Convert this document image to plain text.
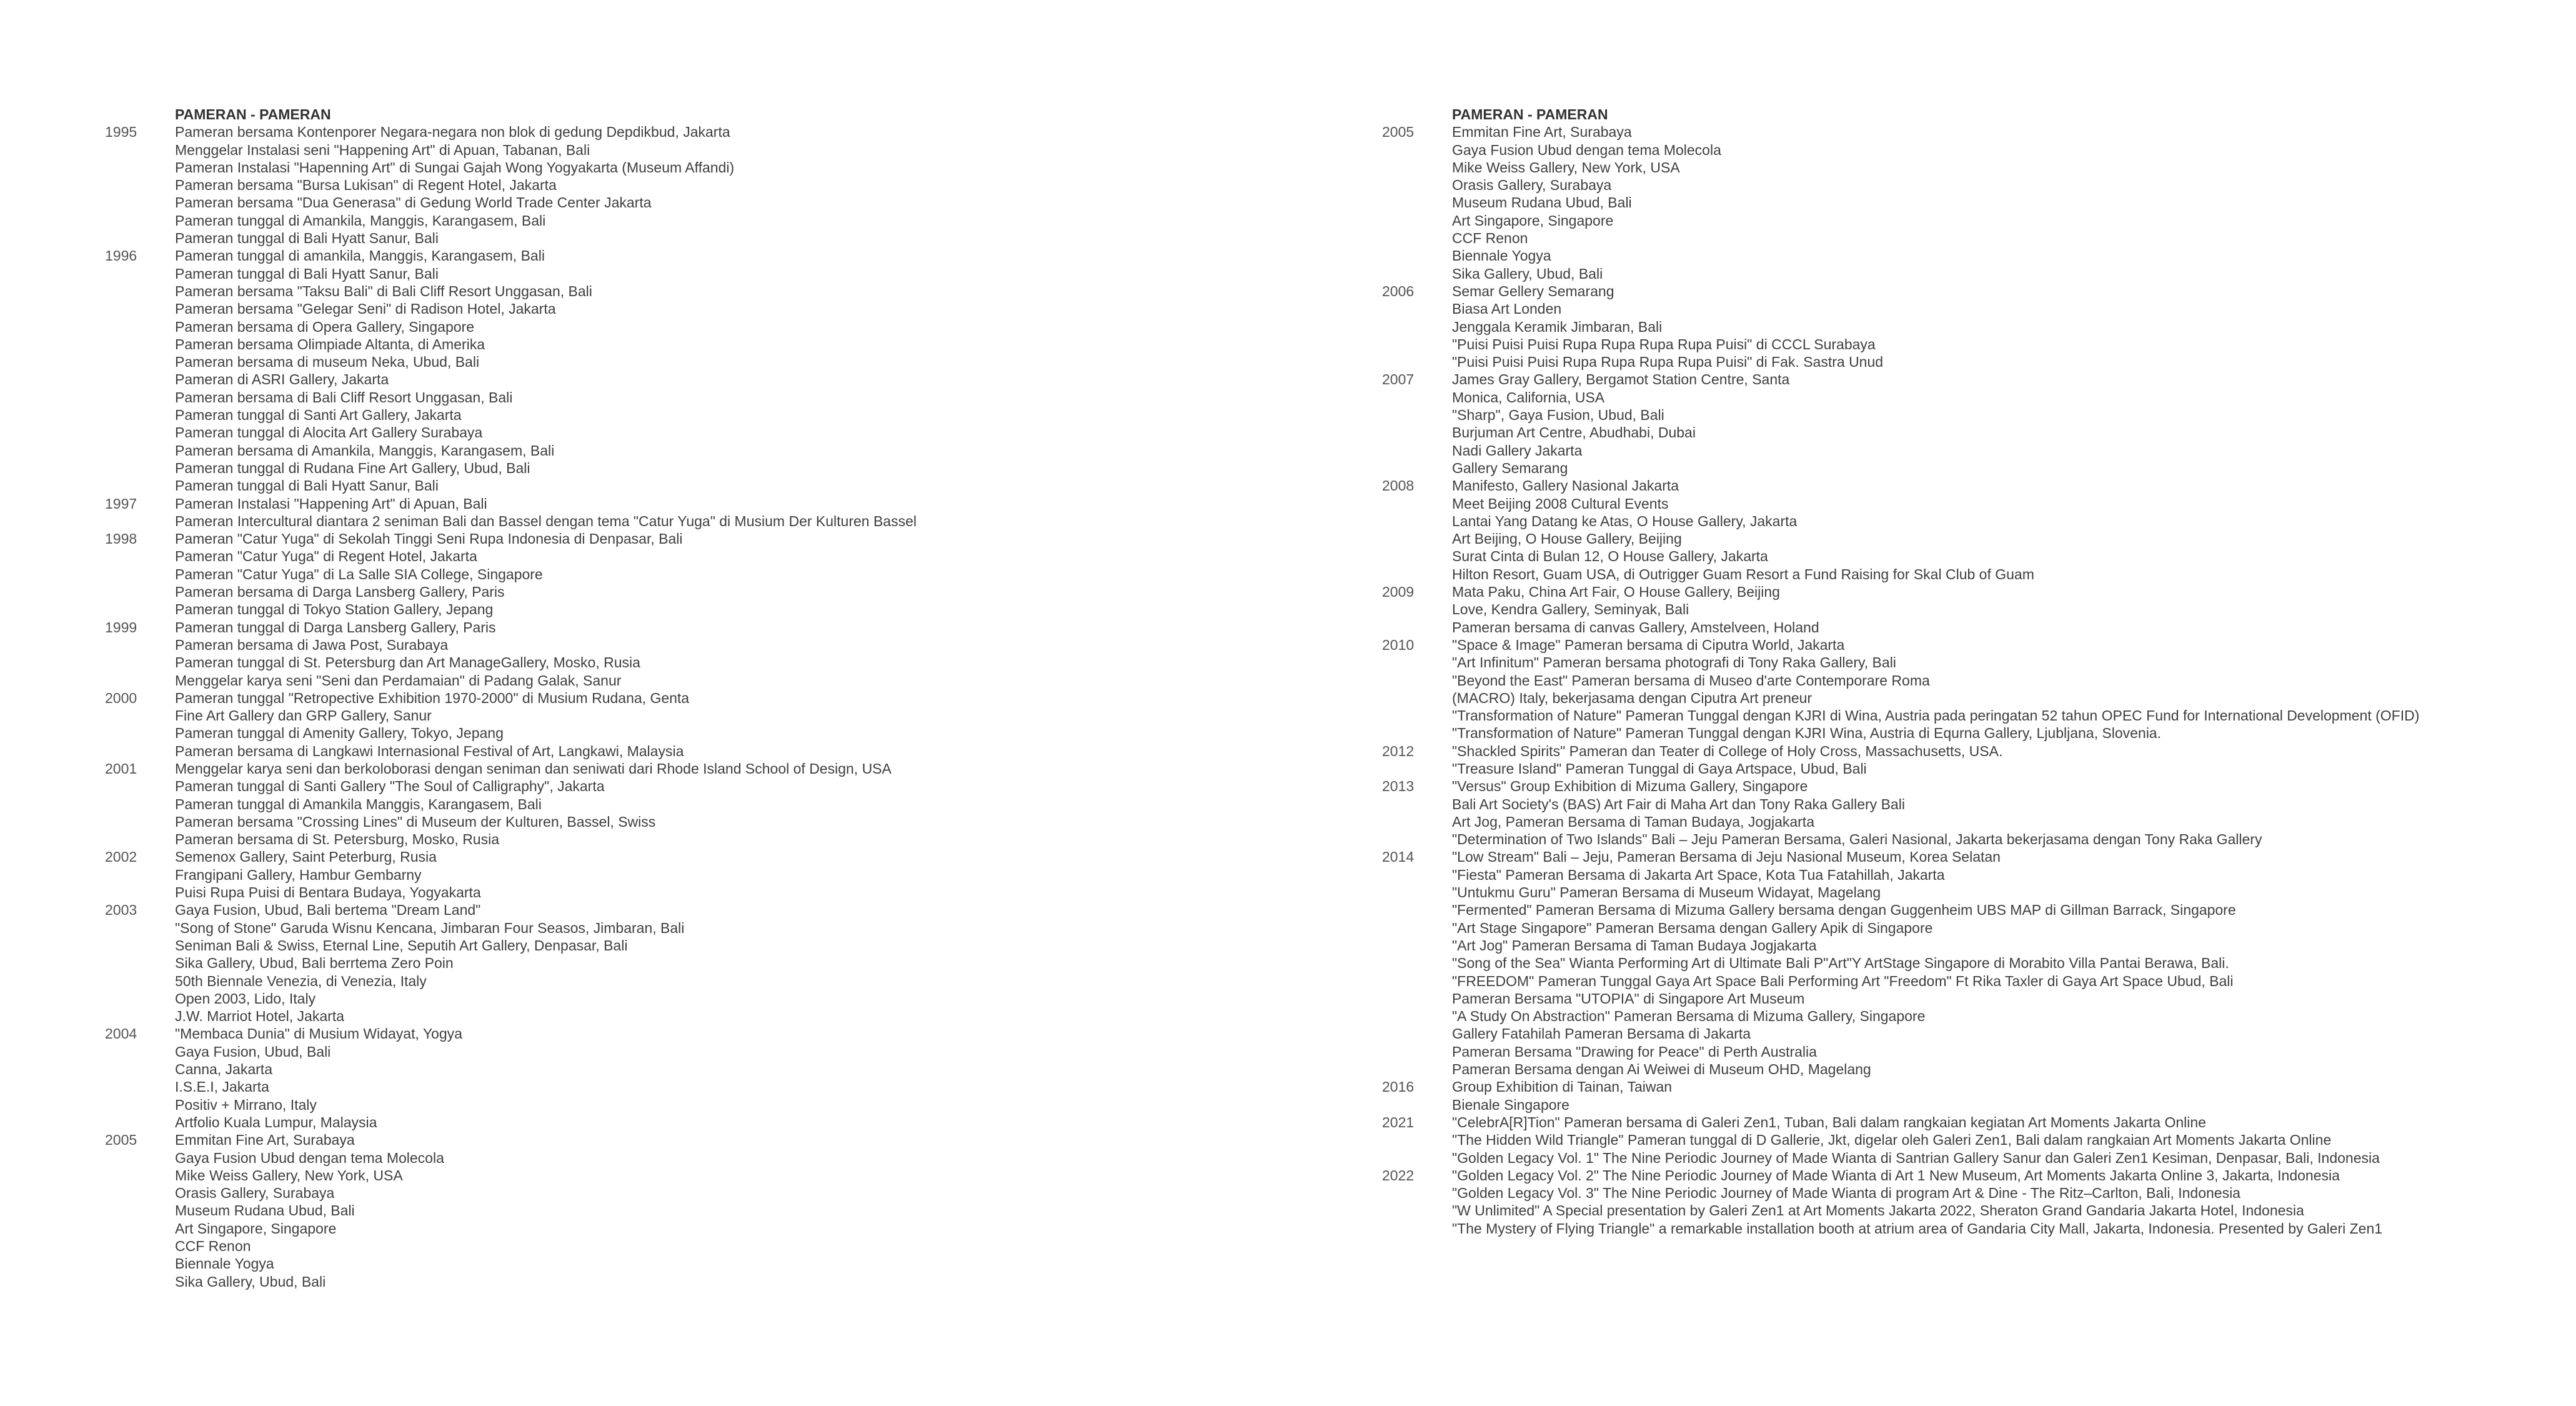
PAMERAN - PAMERAN
1995	Pameran bersama Kontenporer Negara-negara non blok di gedung Depdikbud, Jakarta
Menggelar Instalasi seni "Happening Art" di Apuan, Tabanan, Bali
Pameran Instalasi "Hapenning Art" di Sungai Gajah Wong Yogyakarta (Museum Affandi)
Pameran bersama "Bursa Lukisan" di Regent Hotel, Jakarta
Pameran bersama "Dua Generasa" di Gedung World Trade Center Jakarta
Pameran tunggal di Amankila, Manggis, Karangasem, Bali
Pameran tunggal di Bali Hyatt Sanur, Bali
1996	Pameran tunggal di amankila, Manggis, Karangasem, Bali
Pameran tunggal di Bali Hyatt Sanur, Bali
Pameran bersama "Taksu Bali" di Bali Cliff Resort Unggasan, Bali
Pameran bersama "Gelegar Seni" di Radison Hotel, Jakarta
Pameran bersama di Opera Gallery, Singapore
Pameran bersama Olimpiade Altanta, di Amerika
Pameran bersama di museum Neka, Ubud, Bali
Pameran di ASRI Gallery, Jakarta
Pameran bersama di Bali Cliff Resort Unggasan, Bali
Pameran tunggal di Santi Art Gallery, Jakarta
Pameran tunggal di Alocita Art Gallery Surabaya
Pameran bersama di Amankila, Manggis, Karangasem, Bali
Pameran tunggal di Rudana Fine Art Gallery, Ubud, Bali
Pameran tunggal di Bali Hyatt Sanur, Bali
1997	Pameran Instalasi "Happening Art" di Apuan, Bali
Pameran Intercultural diantara 2 seniman Bali dan Bassel dengan tema "Catur Yuga" di Musium Der Kulturen Bassel
1998	Pameran "Catur Yuga" di Sekolah Tinggi Seni Rupa Indonesia di Denpasar, Bali
Pameran "Catur Yuga" di Regent Hotel, Jakarta
Pameran "Catur Yuga" di La Salle SIA College, Singapore
Pameran bersama di Darga Lansberg Gallery, Paris
Pameran tunggal di Tokyo Station Gallery, Jepang
1999	Pameran tunggal di Darga Lansberg Gallery, Paris
Pameran bersama di Jawa Post, Surabaya
Pameran tunggal di St. Petersburg dan Art ManageGallery, Mosko, Rusia
Menggelar karya seni "Seni dan Perdamaian" di Padang Galak, Sanur
2000	Pameran tunggal "Retropective Exhibition 1970-2000" di Musium Rudana, Genta
Fine Art Gallery dan GRP Gallery, Sanur
Pameran tunggal di Amenity Gallery, Tokyo, Jepang
Pameran bersama di Langkawi Internasional Festival of Art, Langkawi, Malaysia
2001	Menggelar karya seni dan berkoloborasi dengan seniman dan seniwati dari Rhode Island School of Design, USA
Pameran tunggal di Santi Gallery "The Soul of Calligraphy", Jakarta
Pameran tunggal di Amankila Manggis, Karangasem, Bali
Pameran bersama "Crossing Lines" di Museum der Kulturen, Bassel, Swiss
Pameran bersama di St. Petersburg, Mosko, Rusia
2002	Semenox Gallery, Saint Peterburg, Rusia
Frangipani Gallery, Hambur Gembarny
Puisi Rupa Puisi di Bentara Budaya, Yogyakarta
2003	Gaya Fusion, Ubud, Bali bertema "Dream Land"
"Song of Stone" Garuda Wisnu Kencana, Jimbaran Four Seasos, Jimbaran, Bali
Seniman Bali & Swiss, Eternal Line, Seputih Art Gallery, Denpasar, Bali
Sika Gallery, Ubud, Bali berrtema Zero Poin
50th Biennale Venezia, di Venezia, Italy
Open 2003, Lido, Italy
J.W. Marriot Hotel, Jakarta
2004	"Membaca Dunia" di Musium Widayat, Yogya
Gaya Fusion, Ubud, Bali
Canna, Jakarta
I.S.E.I, Jakarta
Positiv + Mirrano, Italy
Artfolio Kuala Lumpur, Malaysia
2005	Emmitan Fine Art, Surabaya
Gaya Fusion Ubud dengan tema Molecola
Mike Weiss Gallery, New York, USA
Orasis Gallery, Surabaya
Museum Rudana Ubud, Bali
Art Singapore, Singapore
CCF Renon
Biennale Yogya
Sika Gallery, Ubud, Bali
PAMERAN - PAMERAN
2005	Emmitan Fine Art, Surabaya
Gaya Fusion Ubud dengan tema Molecola
Mike Weiss Gallery, New York, USA
Orasis Gallery, Surabaya
Museum Rudana Ubud, Bali
Art Singapore, Singapore
CCF Renon
Biennale Yogya
Sika Gallery, Ubud, Bali
2006	Semar Gellery Semarang
Biasa Art Londen
Jenggala Keramik Jimbaran, Bali
"Puisi Puisi Puisi Rupa Rupa Rupa Rupa Puisi" di CCCL Surabaya
"Puisi Puisi Puisi Rupa Rupa Rupa Rupa Puisi" di Fak. Sastra Unud
2007	James Gray Gallery, Bergamot Station Centre, Santa
Monica, California, USA
"Sharp", Gaya Fusion, Ubud, Bali
Burjuman Art Centre, Abudhabi, Dubai
Nadi Gallery Jakarta
Gallery Semarang
2008	Manifesto, Gallery Nasional Jakarta
Meet Beijing 2008 Cultural Events
Lantai Yang Datang ke Atas, O House Gallery, Jakarta
Art Beijing, O House Gallery, Beijing
Surat Cinta di Bulan 12, O House Gallery, Jakarta
Hilton Resort, Guam USA, di Outrigger Guam Resort a Fund Raising for Skal Club of Guam
2009	Mata Paku, China Art Fair, O House Gallery, Beijing
Love, Kendra Gallery, Seminyak, Bali
Pameran bersama di canvas Gallery, Amstelveen, Holand
2010	"Space & Image" Pameran bersama di Ciputra World, Jakarta
"Art Infinitum" Pameran bersama photografi di Tony Raka Gallery, Bali
"Beyond the East" Pameran bersama di Museo d'arte Contemporare Roma
(MACRO) Italy, bekerjasama dengan Ciputra Art preneur
"Transformation of Nature" Pameran Tunggal dengan KJRI di Wina, Austria pada peringatan 52 tahun OPEC Fund for International Development (OFID)
"Transformation of Nature" Pameran Tunggal dengan KJRI Wina, Austria di Equrna Gallery, Ljubljana, Slovenia.
2012	"Shackled Spirits" Pameran dan Teater di College of Holy Cross, Massachusetts, USA.
"Treasure Island" Pameran Tunggal di Gaya Artspace, Ubud, Bali
2013	"Versus" Group Exhibition di Mizuma Gallery, Singapore
Bali Art Society's (BAS) Art Fair di Maha Art dan Tony Raka Gallery Bali
Art Jog, Pameran Bersama di Taman Budaya, Jogjakarta
"Determination of Two Islands" Bali – Jeju Pameran Bersama, Galeri Nasional, Jakarta bekerjasama dengan Tony Raka Gallery
2014	"Low Stream" Bali – Jeju, Pameran Bersama di Jeju Nasional Museum, Korea Selatan
"Fiesta" Pameran Bersama di Jakarta Art Space, Kota Tua Fatahillah, Jakarta
"Untukmu Guru" Pameran Bersama di Museum Widayat, Magelang
"Fermented" Pameran Bersama di Mizuma Gallery bersama dengan Guggenheim UBS MAP di Gillman Barrack, Singapore
"Art Stage Singapore" Pameran Bersama dengan Gallery Apik di Singapore
"Art Jog" Pameran Bersama di Taman Budaya Jogjakarta
"Song of the Sea" Wianta Performing Art di Ultimate Bali P"Art"Y ArtStage Singapore di Morabito Villa Pantai Berawa, Bali.
"FREEDOM" Pameran Tunggal Gaya Art Space Bali Performing Art "Freedom" Ft Rika Taxler di Gaya Art Space Ubud, Bali
Pameran Bersama "UTOPIA" di Singapore Art Museum
"A Study On Abstraction" Pameran Bersama di Mizuma Gallery, Singapore
Gallery Fatahilah Pameran Bersama di Jakarta
Pameran Bersama "Drawing for Peace" di Perth Australia
Pameran Bersama dengan Ai Weiwei di Museum OHD, Magelang
2016	Group Exhibition di Tainan, Taiwan
Bienale Singapore
2021	"CelebrA[R]Tion" Pameran bersama di Galeri Zen1, Tuban, Bali dalam rangkaian kegiatan Art Moments Jakarta Online
"The Hidden Wild Triangle" Pameran tunggal di D Gallerie, Jkt, digelar oleh Galeri Zen1, Bali dalam rangkaian Art Moments Jakarta Online
"Golden Legacy Vol. 1" The Nine Periodic Journey of Made Wianta di Santrian Gallery Sanur dan Galeri Zen1 Kesiman, Denpasar, Bali, Indonesia
2022	"Golden Legacy Vol. 2" The Nine Periodic Journey of Made Wianta di Art 1 New Museum, Art Moments Jakarta Online 3, Jakarta, Indonesia
"Golden Legacy Vol. 3" The Nine Periodic Journey of Made Wianta di program Art & Dine - The Ritz–Carlton, Bali, Indonesia
"W Unlimited" A Special presentation by Galeri Zen1 at Art Moments Jakarta 2022, Sheraton Grand Gandaria Jakarta Hotel, Indonesia
"The Mystery of Flying Triangle" a remarkable installation booth at atrium area of Gandaria City Mall, Jakarta, Indonesia. Presented by Galeri Zen1
